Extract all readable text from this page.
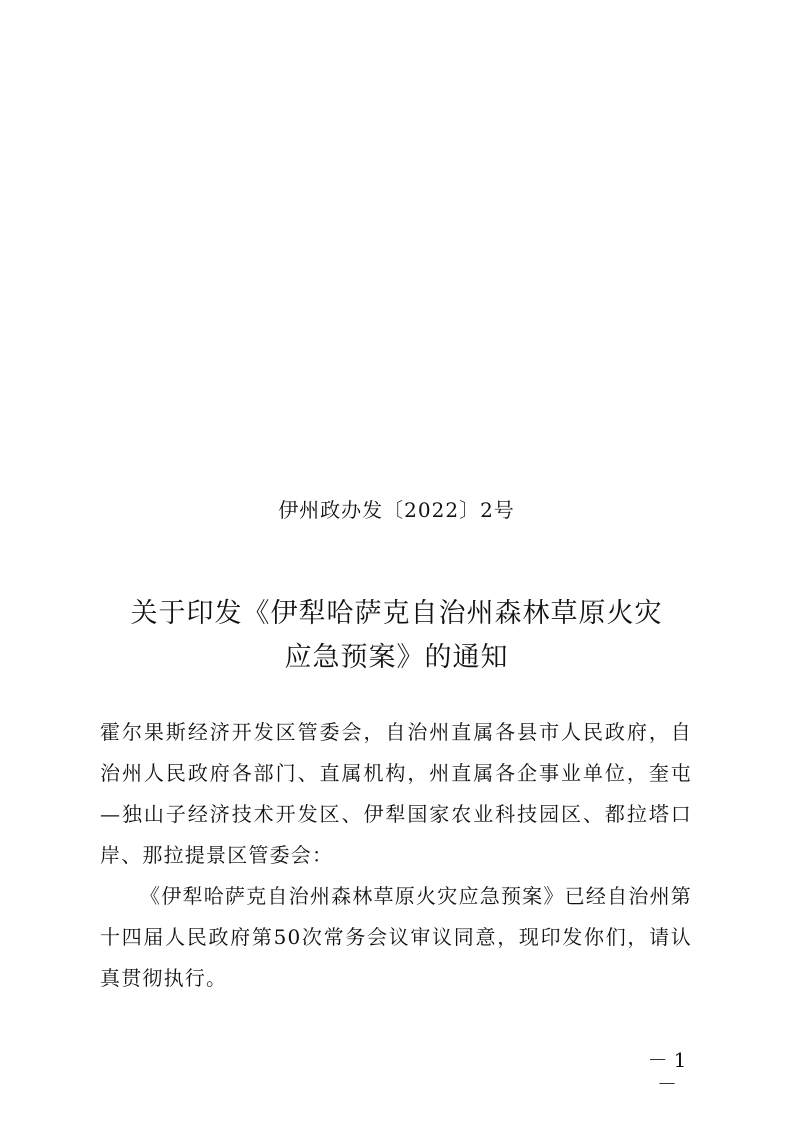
伊州政办发〔2022〕2号
关于印发《伊犁哈萨克自治州森林草原火灾
应急预案》的通知

霍尔果斯经济开发区管委会，自治州直属各县市人民政府，自治州人民政府各部门、直属机构，州直属各企事业单位，奎屯—独山子经济技术开发区、伊犁国家农业科技园区、都拉塔口岸、那拉提景区管委会：

《伊犁哈萨克自治州森林草原火灾应急预案》已经自治州第十四届人民政府第50次常务会议审议同意，现印发你们，请认真贯彻执行。

－1－
